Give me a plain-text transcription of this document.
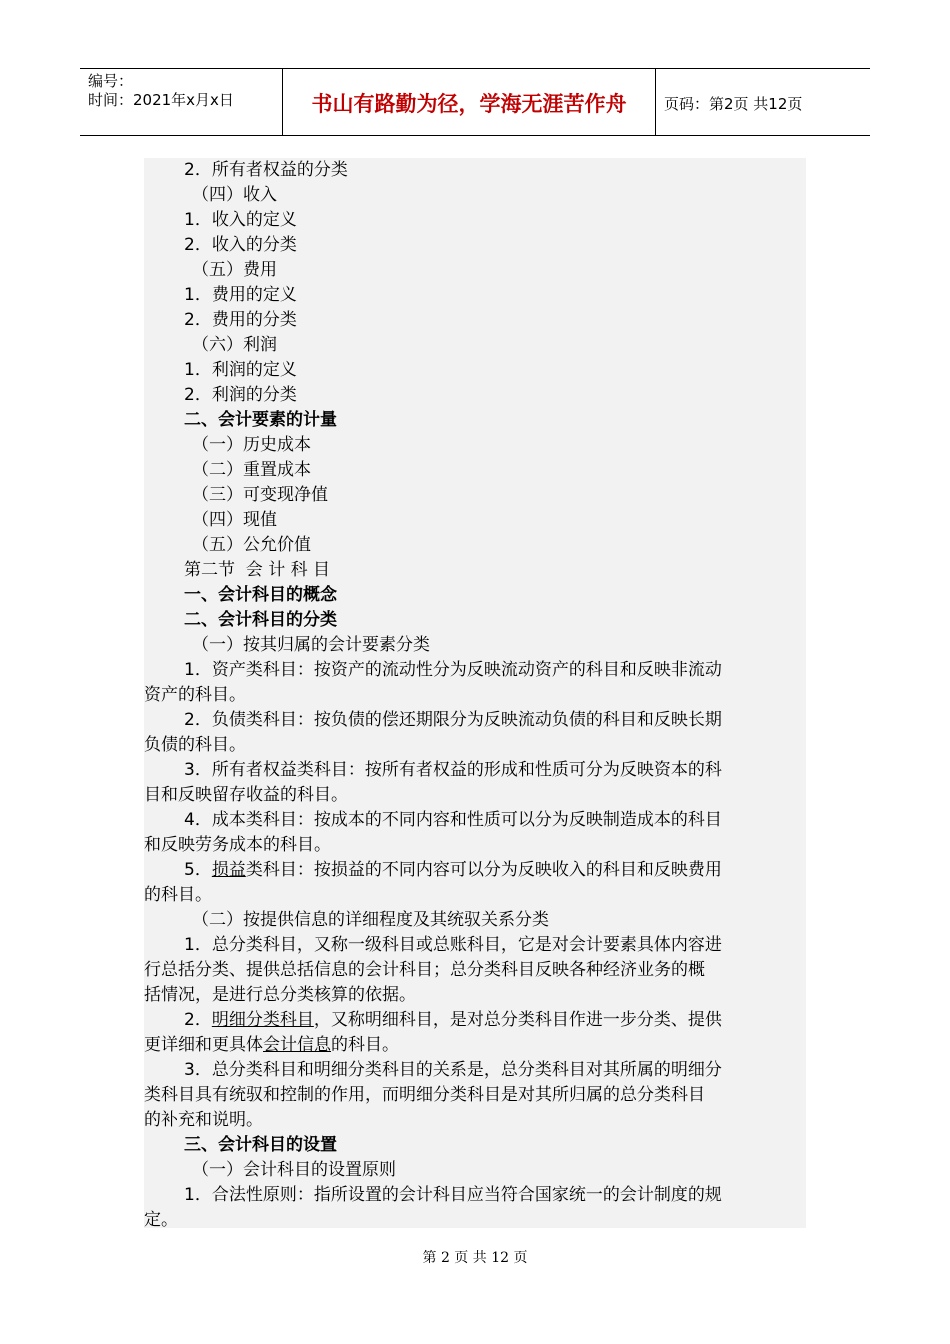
编号：
时间：2021年x月x日	书山有路勤为径，学海无涯苦作舟	页码：第2页 共12页
2．所有者权益的分类
（四）收入
1．收入的定义
2．收入的分类
（五）费用
1．费用的定义
2．费用的分类
（六）利润
1．利润的定义
2．利润的分类
二、会计要素的计量
（一）历史成本
（二）重置成本
（三）可变现净值
（四）现值
（五）公允价值
第二节  会 计 科 目
一、会计科目的概念
二、会计科目的分类
（一）按其归属的会计要素分类
1．资产类科目：按资产的流动性分为反映流动资产的科目和反映非流动
资产的科目。
2．负债类科目：按负债的偿还期限分为反映流动负债的科目和反映长期
负债的科目。
3．所有者权益类科目：按所有者权益的形成和性质可分为反映资本的科
目和反映留存收益的科目。
4．成本类科目：按成本的不同内容和性质可以分为反映制造成本的科目
和反映劳务成本的科目。
5．损益类科目：按损益的不同内容可以分为反映收入的科目和反映费用
的科目。
（二）按提供信息的详细程度及其统驭关系分类
1．总分类科目，又称一级科目或总账科目，它是对会计要素具体内容进
行总括分类、提供总括信息的会计科目；总分类科目反映各种经济业务的概
括情况，是进行总分类核算的依据。
2．明细分类科目，又称明细科目，是对总分类科目作进一步分类、提供
更详细和更具体会计信息的科目。
3．总分类科目和明细分类科目的关系是，总分类科目对其所属的明细分
类科目具有统驭和控制的作用，而明细分类科目是对其所归属的总分类科目
的补充和说明。
三、会计科目的设置
（一）会计科目的设置原则
1．合法性原则：指所设置的会计科目应当符合国家统一的会计制度的规
定。
第 2 页 共 12 页
